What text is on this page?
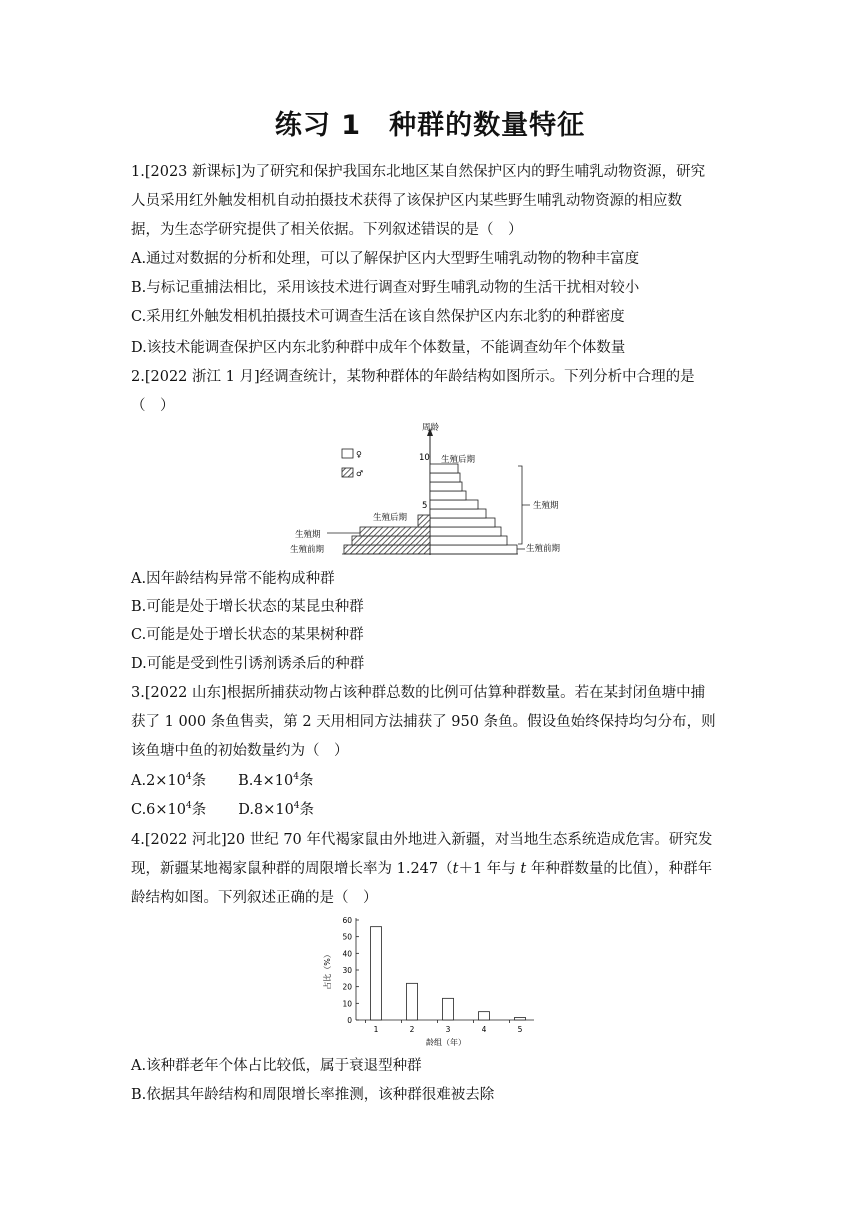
练习 1　种群的数量特征

1.[2023 新课标]为了研究和保护我国东北地区某自然保护区内的野生哺乳动物资源，研究

人员采用红外触发相机自动拍摄技术获得了该保护区内某些野生哺乳动物资源的相应数

据，为生态学研究提供了相关依据。下列叙述错误的是（　）

A.通过对数据的分析和处理，可以了解保护区内大型野生哺乳动物的物种丰富度

B.与标记重捕法相比，采用该技术进行调查对野生哺乳动物的生活干扰相对较小

C.采用红外触发相机拍摄技术可调查生活在该自然保护区内东北豹的种群密度

D.该技术能调查保护区内东北豹种群中成年个体数量，不能调查幼年个体数量

2.[2022 浙江 1 月]经调查统计，某物种群体的年龄结构如图所示。下列分析中合理的是

（　）

周龄
10
5
♀
♂
生殖后期
生殖期
生殖前期
生殖后期
生殖期
生殖前期

A.因年龄结构异常不能构成种群

B.可能是处于增长状态的某昆虫种群

C.可能是处于增长状态的某果树种群

D.可能是受到性引诱剂诱杀后的种群

3.[2022 山东]根据所捕获动物占该种群总数的比例可估算种群数量。若在某封闭鱼塘中捕

获了 1 000 条鱼售卖，第 2 天用相同方法捕获了 950 条鱼。假设鱼始终保持均匀分布，则

该鱼塘中鱼的初始数量约为（　）

$A.2\times 10^4$条 $B.4\times 10^4$条

$C.6\times 10^4$条 $D.8\times 10^4$条

4.[2022 河北]20 世纪 70 年代褐家鼠由外地进入新疆，对当地生态系统造成危害。研究发

现，新疆某地褐家鼠种群的周限增长率为 1.247（t＋1 年与 t 年种群数量的比值），种群年

龄结构如图。下列叙述正确的是（　）

0
10
20
30
40
50
60
1	2	3	4	5
龄组（年）
占比（%）

A.该种群老年个体占比较低，属于衰退型种群

B.依据其年龄结构和周限增长率推测，该种群很难被去除
